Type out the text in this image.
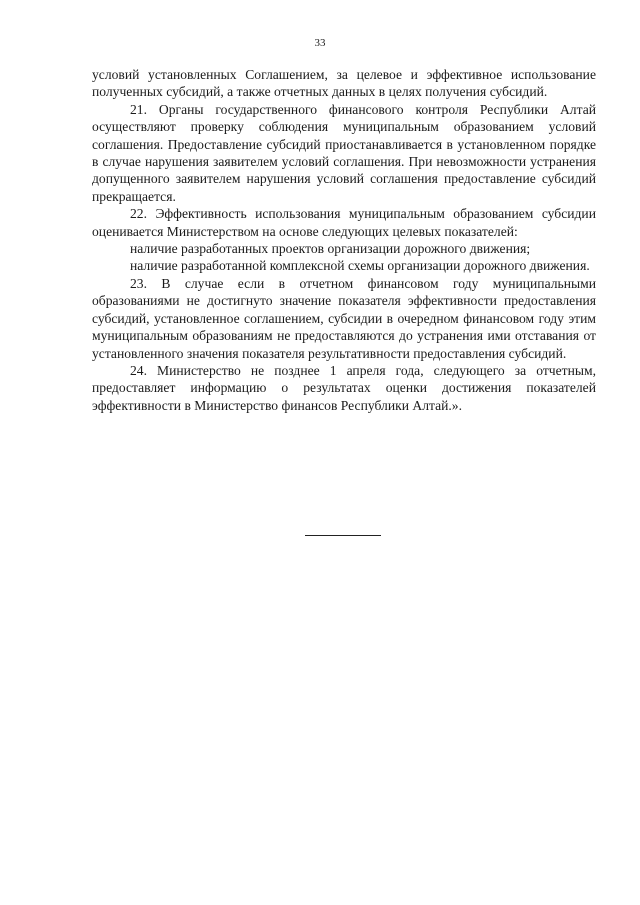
33

условий установленных Соглашением, за целевое и эффективное использование полученных субсидий, а также отчетных данных в целях получения субсидий.

21. Органы государственного финансового контроля Республики Алтай осуществляют проверку соблюдения муниципальным образованием условий соглашения. Предоставление субсидий приостанавливается в установленном порядке в случае нарушения заявителем условий соглашения. При невозможности устранения допущенного заявителем нарушения условий соглашения предоставление субсидий прекращается.

22. Эффективность использования муниципальным образованием субсидии оценивается Министерством на основе следующих целевых показателей:

наличие разработанных проектов организации дорожного движения;

наличие разработанной комплексной схемы организации дорожного движения.

23. В случае если в отчетном финансовом году муниципальными образованиями не достигнуто значение показателя эффективности предоставления субсидий, установленное соглашением, субсидии в очередном финансовом году этим муниципальным образованиям не предоставляются до устранения ими отставания от установленного значения показателя результативности предоставления субсидий.

24. Министерство не позднее 1 апреля года, следующего за отчетным, предоставляет информацию о результатах оценки достижения показателей эффективности в Министерство финансов Республики Алтай.».
